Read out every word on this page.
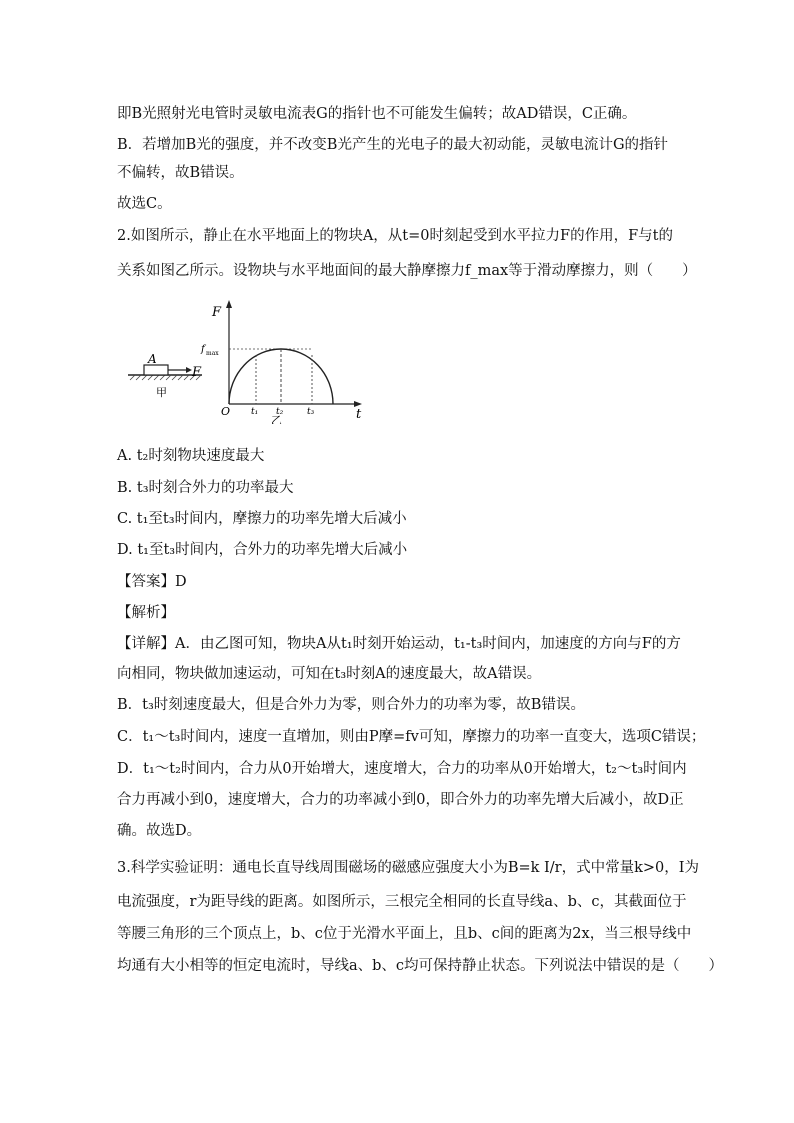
即B光照射光电管时灵敏电流表G的指针也不可能发生偏转；故AD错误，C正确。
B．若增加B光的强度，并不改变B光产生的光电子的最大初动能，灵敏电流计G的指针
不偏转，故B错误。
故选C。
2.如图所示，静止在水平地面上的物块A，从t=0时刻起受到水平拉力F的作用，F与t的
关系如图乙所示。设物块与水平地面间的最大静摩擦力f_max等于滑动摩擦力，则（　　）
A
F
甲
F
t
O
f max
t₁ t₂	t₃
乙
A. t₂时刻物块速度最大
B. t₃时刻合外力的功率最大
C. t₁至t₃时间内，摩擦力的功率先增大后减小
D. t₁至t₃时间内，合外力的功率先增大后减小
【答案】D
【解析】
【详解】A．由乙图可知，物块A从t₁时刻开始运动，t₁-t₃时间内，加速度的方向与F的方
向相同，物块做加速运动，可知在t₃时刻A的速度最大，故A错误。
B．t₃时刻速度最大，但是合外力为零，则合外力的功率为零，故B错误。
C．t₁～t₃时间内，速度一直增加，则由P摩=fv可知，摩擦力的功率一直变大，选项C错误；
D．t₁～t₂时间内，合力从0开始增大，速度增大，合力的功率从0开始增大，t₂～t₃时间内
合力再减小到0，速度增大，合力的功率减小到0，即合外力的功率先增大后减小，故D正
确。故选D。
3.科学实验证明：通电长直导线周围磁场的磁感应强度大小为B=k I/r，式中常量k>0，I为
电流强度，r为距导线的距离。如图所示，三根完全相同的长直导线a、b、c，其截面位于
等腰三角形的三个顶点上，b、c位于光滑水平面上，且b、c间的距离为2x，当三根导线中
均通有大小相等的恒定电流时，导线a、b、c均可保持静止状态。下列说法中错误的是（　　）
